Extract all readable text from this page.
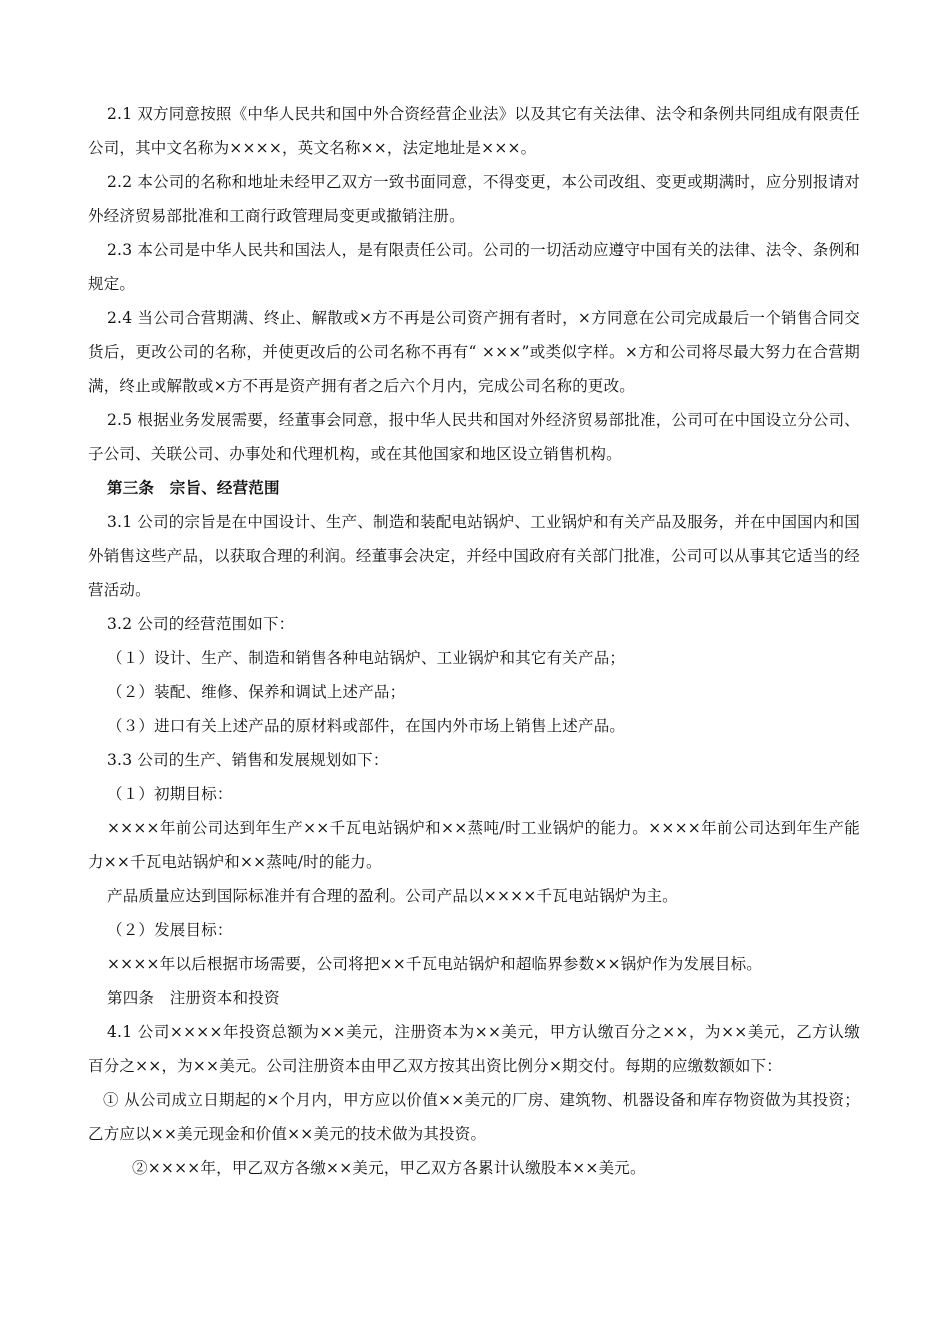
2.1 双方同意按照《中华人民共和国中外合资经营企业法》以及其它有关法律、法令和条例共同组成有限责任公司，其中文名称为××××，英文名称××，法定地址是×××。

2.2 本公司的名称和地址未经甲乙双方一致书面同意，不得变更，本公司改组、变更或期满时，应分别报请对外经济贸易部批准和工商行政管理局变更或撤销注册。

2.3 本公司是中华人民共和国法人，是有限责任公司。公司的一切活动应遵守中国有关的法律、法令、条例和规定。

2.4 当公司合营期满、终止、解散或×方不再是公司资产拥有者时，×方同意在公司完成最后一个销售合同交货后，更改公司的名称，并使更改后的公司名称不再有“ ×××”或类似字样。×方和公司将尽最大努力在合营期满，终止或解散或×方不再是资产拥有者之后六个月内，完成公司名称的更改。

2.5 根据业务发展需要，经董事会同意，报中华人民共和国对外经济贸易部批准，公司可在中国设立分公司、子公司、关联公司、办事处和代理机构，或在其他国家和地区设立销售机构。

第三条　宗旨、经营范围

3.1 公司的宗旨是在中国设计、生产、制造和装配电站锅炉、工业锅炉和有关产品及服务，并在中国国内和国外销售这些产品，以获取合理的利润。经董事会决定，并经中国政府有关部门批准，公司可以从事其它适当的经营活动。

3.2 公司的经营范围如下：

（１）设计、生产、制造和销售各种电站锅炉、工业锅炉和其它有关产品；

（２）装配、维修、保养和调试上述产品；

（３）进口有关上述产品的原材料或部件，在国内外市场上销售上述产品。

3.3 公司的生产、销售和发展规划如下：

（１）初期目标：

××××年前公司达到年生产××千瓦电站锅炉和××蒸吨/时工业锅炉的能力。××××年前公司达到年生产能力××千瓦电站锅炉和××蒸吨/时的能力。

产品质量应达到国际标准并有合理的盈利。公司产品以××××千瓦电站锅炉为主。

（２）发展目标：

××××年以后根据市场需要，公司将把××千瓦电站锅炉和超临界参数××锅炉作为发展目标。

第四条　注册资本和投资

4.1 公司××××年投资总额为××美元，注册资本为××美元，甲方认缴百分之××，为××美元，乙方认缴百分之××，为××美元。公司注册资本由甲乙双方按其出资比例分×期交付。每期的应缴数额如下：

① 从公司成立日期起的×个月内，甲方应以价值××美元的厂房、建筑物、机器设备和库存物资做为其投资；乙方应以××美元现金和价值××美元的技术做为其投资。

②××××年，甲乙双方各缴××美元，甲乙双方各累计认缴股本××美元。
